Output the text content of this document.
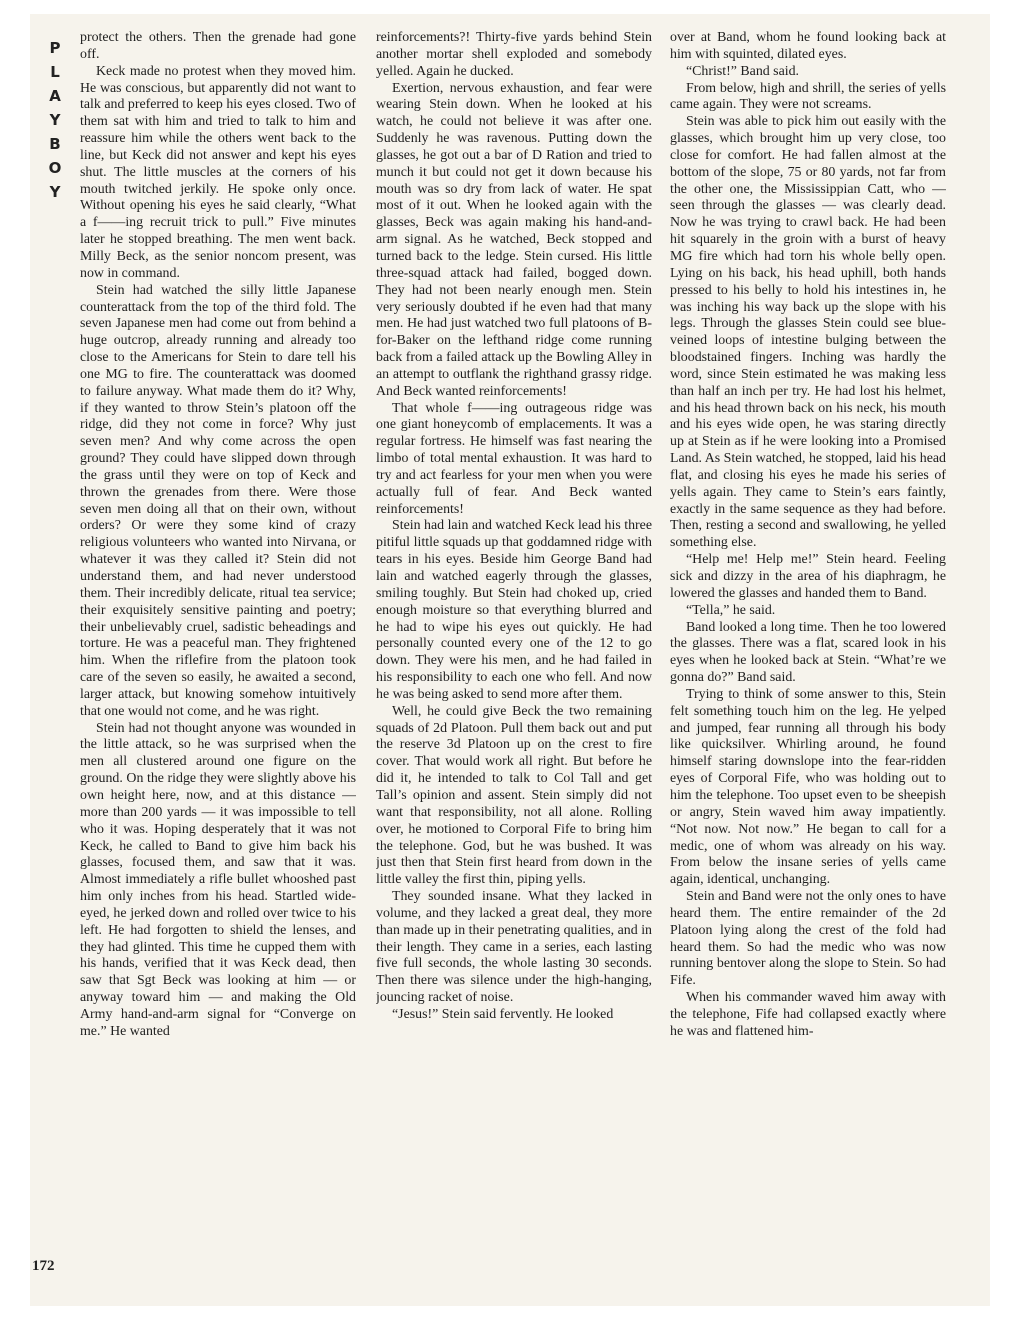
P
L
A
Y
B
O
Y
172

protect the others. Then the grenade had gone off.

Keck made no protest when they moved him. He was conscious, but apparently did not want to talk and preferred to keep his eyes closed. Two of them sat with him and tried to talk to him and reassure him while the others went back to the line, but Keck did not answer and kept his eyes shut. The little muscles at the corners of his mouth twitched jerkily. He spoke only once. Without opening his eyes he said clearly, “What a f——ing recruit trick to pull.” Five minutes later he stopped breathing. The men went back. Milly Beck, as the senior noncom present, was now in command.

Stein had watched the silly little Japanese counterattack from the top of the third fold. The seven Japanese men had come out from behind a huge outcrop, already running and already too close to the Americans for Stein to dare tell his one MG to fire. The counterattack was doomed to failure anyway. What made them do it? Why, if they wanted to throw Stein’s platoon off the ridge, did they not come in force? Why just seven men? And why come across the open ground? They could have slipped down through the grass until they were on top of Keck and thrown the grenades from there. Were those seven men doing all that on their own, without orders? Or were they some kind of crazy religious volunteers who wanted into Nirvana, or whatever it was they called it? Stein did not understand them, and had never understood them. Their incredibly delicate, ritual tea service; their exquisitely sensitive painting and poetry; their unbelievably cruel, sadistic beheadings and torture. He was a peaceful man. They frightened him. When the riflefire from the platoon took care of the seven so easily, he awaited a second, larger attack, but knowing somehow intuitively that one would not come, and he was right.

Stein had not thought anyone was wounded in the little attack, so he was surprised when the men all clustered around one figure on the ground. On the ridge they were slightly above his own height here, now, and at this distance — more than 200 yards — it was impossible to tell who it was. Hoping desperately that it was not Keck, he called to Band to give him back his glasses, focused them, and saw that it was. Almost immediately a rifle bullet whooshed past him only inches from his head. Startled wide-eyed, he jerked down and rolled over twice to his left. He had forgotten to shield the lenses, and they had glinted. This time he cupped them with his hands, verified that it was Keck dead, then saw that Sgt Beck was looking at him — or anyway toward him — and making the Old Army hand-and-arm signal for “Converge on me.” He wanted

reinforcements?! Thirty-five yards behind Stein another mortar shell exploded and somebody yelled. Again he ducked.

Exertion, nervous exhaustion, and fear were wearing Stein down. When he looked at his watch, he could not believe it was after one. Suddenly he was ravenous. Putting down the glasses, he got out a bar of D Ration and tried to munch it but could not get it down because his mouth was so dry from lack of water. He spat most of it out. When he looked again with the glasses, Beck was again making his hand-and-arm signal. As he watched, Beck stopped and turned back to the ledge. Stein cursed. His little three-squad attack had failed, bogged down. They had not been nearly enough men. Stein very seriously doubted if he even had that many men. He had just watched two full platoons of B-for-Baker on the lefthand ridge come running back from a failed attack up the Bowling Alley in an attempt to outflank the righthand grassy ridge. And Beck wanted reinforcements!

That whole f——ing outrageous ridge was one giant honeycomb of emplacements. It was a regular fortress. He himself was fast nearing the limbo of total mental exhaustion. It was hard to try and act fearless for your men when you were actually full of fear. And Beck wanted reinforcements!

Stein had lain and watched Keck lead his three pitiful little squads up that goddamned ridge with tears in his eyes. Beside him George Band had lain and watched eagerly through the glasses, smiling toughly. But Stein had choked up, cried enough moisture so that everything blurred and he had to wipe his eyes out quickly. He had personally counted every one of the 12 to go down. They were his men, and he had failed in his responsibility to each one who fell. And now he was being asked to send more after them.

Well, he could give Beck the two remaining squads of 2d Platoon. Pull them back out and put the reserve 3d Platoon up on the crest to fire cover. That would work all right. But before he did it, he intended to talk to Col Tall and get Tall’s opinion and assent. Stein simply did not want that responsibility, not all alone. Rolling over, he motioned to Corporal Fife to bring him the telephone. God, but he was bushed. It was just then that Stein first heard from down in the little valley the first thin, piping yells.

They sounded insane. What they lacked in volume, and they lacked a great deal, they more than made up in their penetrating qualities, and in their length. They came in a series, each lasting five full seconds, the whole lasting 30 seconds. Then there was silence under the high-hanging, jouncing racket of noise.

“Jesus!” Stein said fervently. He looked

over at Band, whom he found looking back at him with squinted, dilated eyes.

“Christ!” Band said.

From below, high and shrill, the series of yells came again. They were not screams.

Stein was able to pick him out easily with the glasses, which brought him up very close, too close for comfort. He had fallen almost at the bottom of the slope, 75 or 80 yards, not far from the other one, the Mississippian Catt, who — seen through the glasses — was clearly dead. Now he was trying to crawl back. He had been hit squarely in the groin with a burst of heavy MG fire which had torn his whole belly open. Lying on his back, his head uphill, both hands pressed to his belly to hold his intestines in, he was inching his way back up the slope with his legs. Through the glasses Stein could see blue-veined loops of intestine bulging between the bloodstained fingers. Inching was hardly the word, since Stein estimated he was making less than half an inch per try. He had lost his helmet, and his head thrown back on his neck, his mouth and his eyes wide open, he was staring directly up at Stein as if he were looking into a Promised Land. As Stein watched, he stopped, laid his head flat, and closing his eyes he made his series of yells again. They came to Stein’s ears faintly, exactly in the same sequence as they had before. Then, resting a second and swallowing, he yelled something else.

“Help me! Help me!” Stein heard. Feeling sick and dizzy in the area of his diaphragm, he lowered the glasses and handed them to Band.

“Tella,” he said.

Band looked a long time. Then he too lowered the glasses. There was a flat, scared look in his eyes when he looked back at Stein. “What’re we gonna do?” Band said.

Trying to think of some answer to this, Stein felt something touch him on the leg. He yelped and jumped, fear running all through his body like quicksilver. Whirling around, he found himself staring downslope into the fear-ridden eyes of Corporal Fife, who was holding out to him the telephone. Too upset even to be sheepish or angry, Stein waved him away impatiently. “Not now. Not now.” He began to call for a medic, one of whom was already on his way. From below the insane series of yells came again, identical, unchanging.

Stein and Band were not the only ones to have heard them. The entire remainder of the 2d Platoon lying along the crest of the fold had heard them. So had the medic who was now running bentover along the slope to Stein. So had Fife.

When his commander waved him away with the telephone, Fife had collapsed exactly where he was and flattened him-
